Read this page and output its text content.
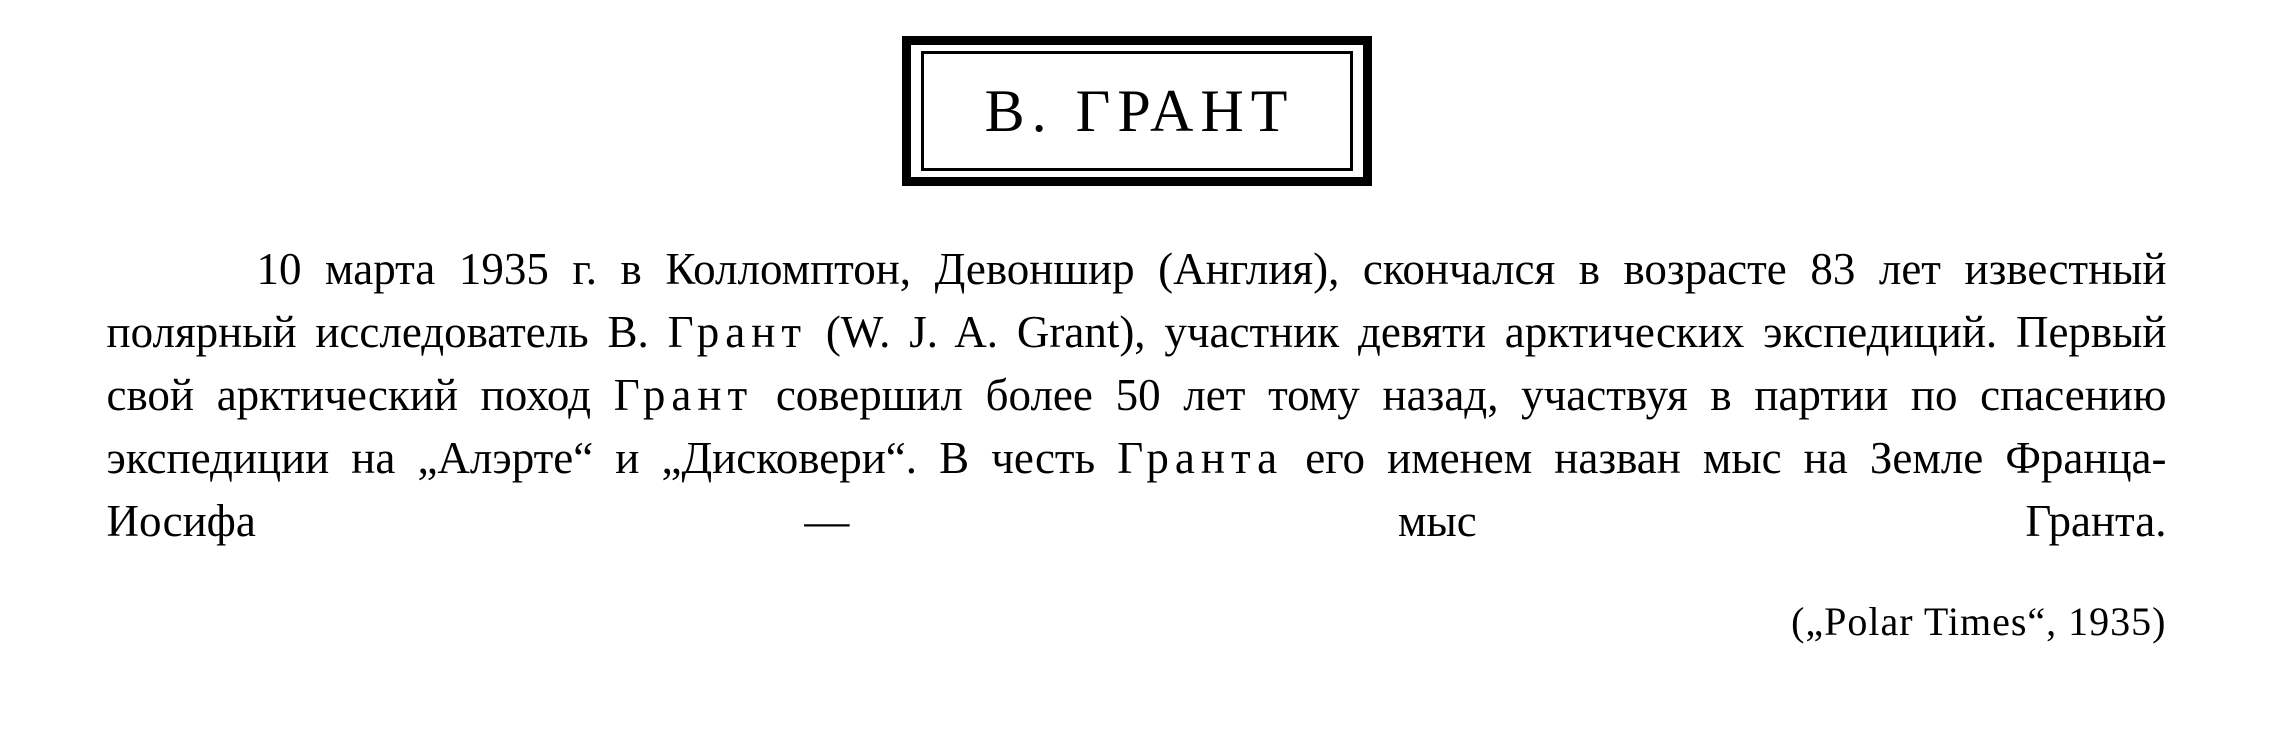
В. ГРАНТ

10 марта 1935 г. в Колломптон, Девоншир (Англия), скончался в возрасте 83 лет известный полярный исследователь В. Грант (W. J. A. Grant), участник девяти арктических экспедиций. Первый свой арктический поход Грант совершил более 50 лет тому назад, участвуя в партии по спасению экспедиции на „Алэрте“ и „Дисковери“. В честь Гранта его именем назван мыс на Земле Франца-Иосифа — мыс Гранта.

(„Polar Times“, 1935)
